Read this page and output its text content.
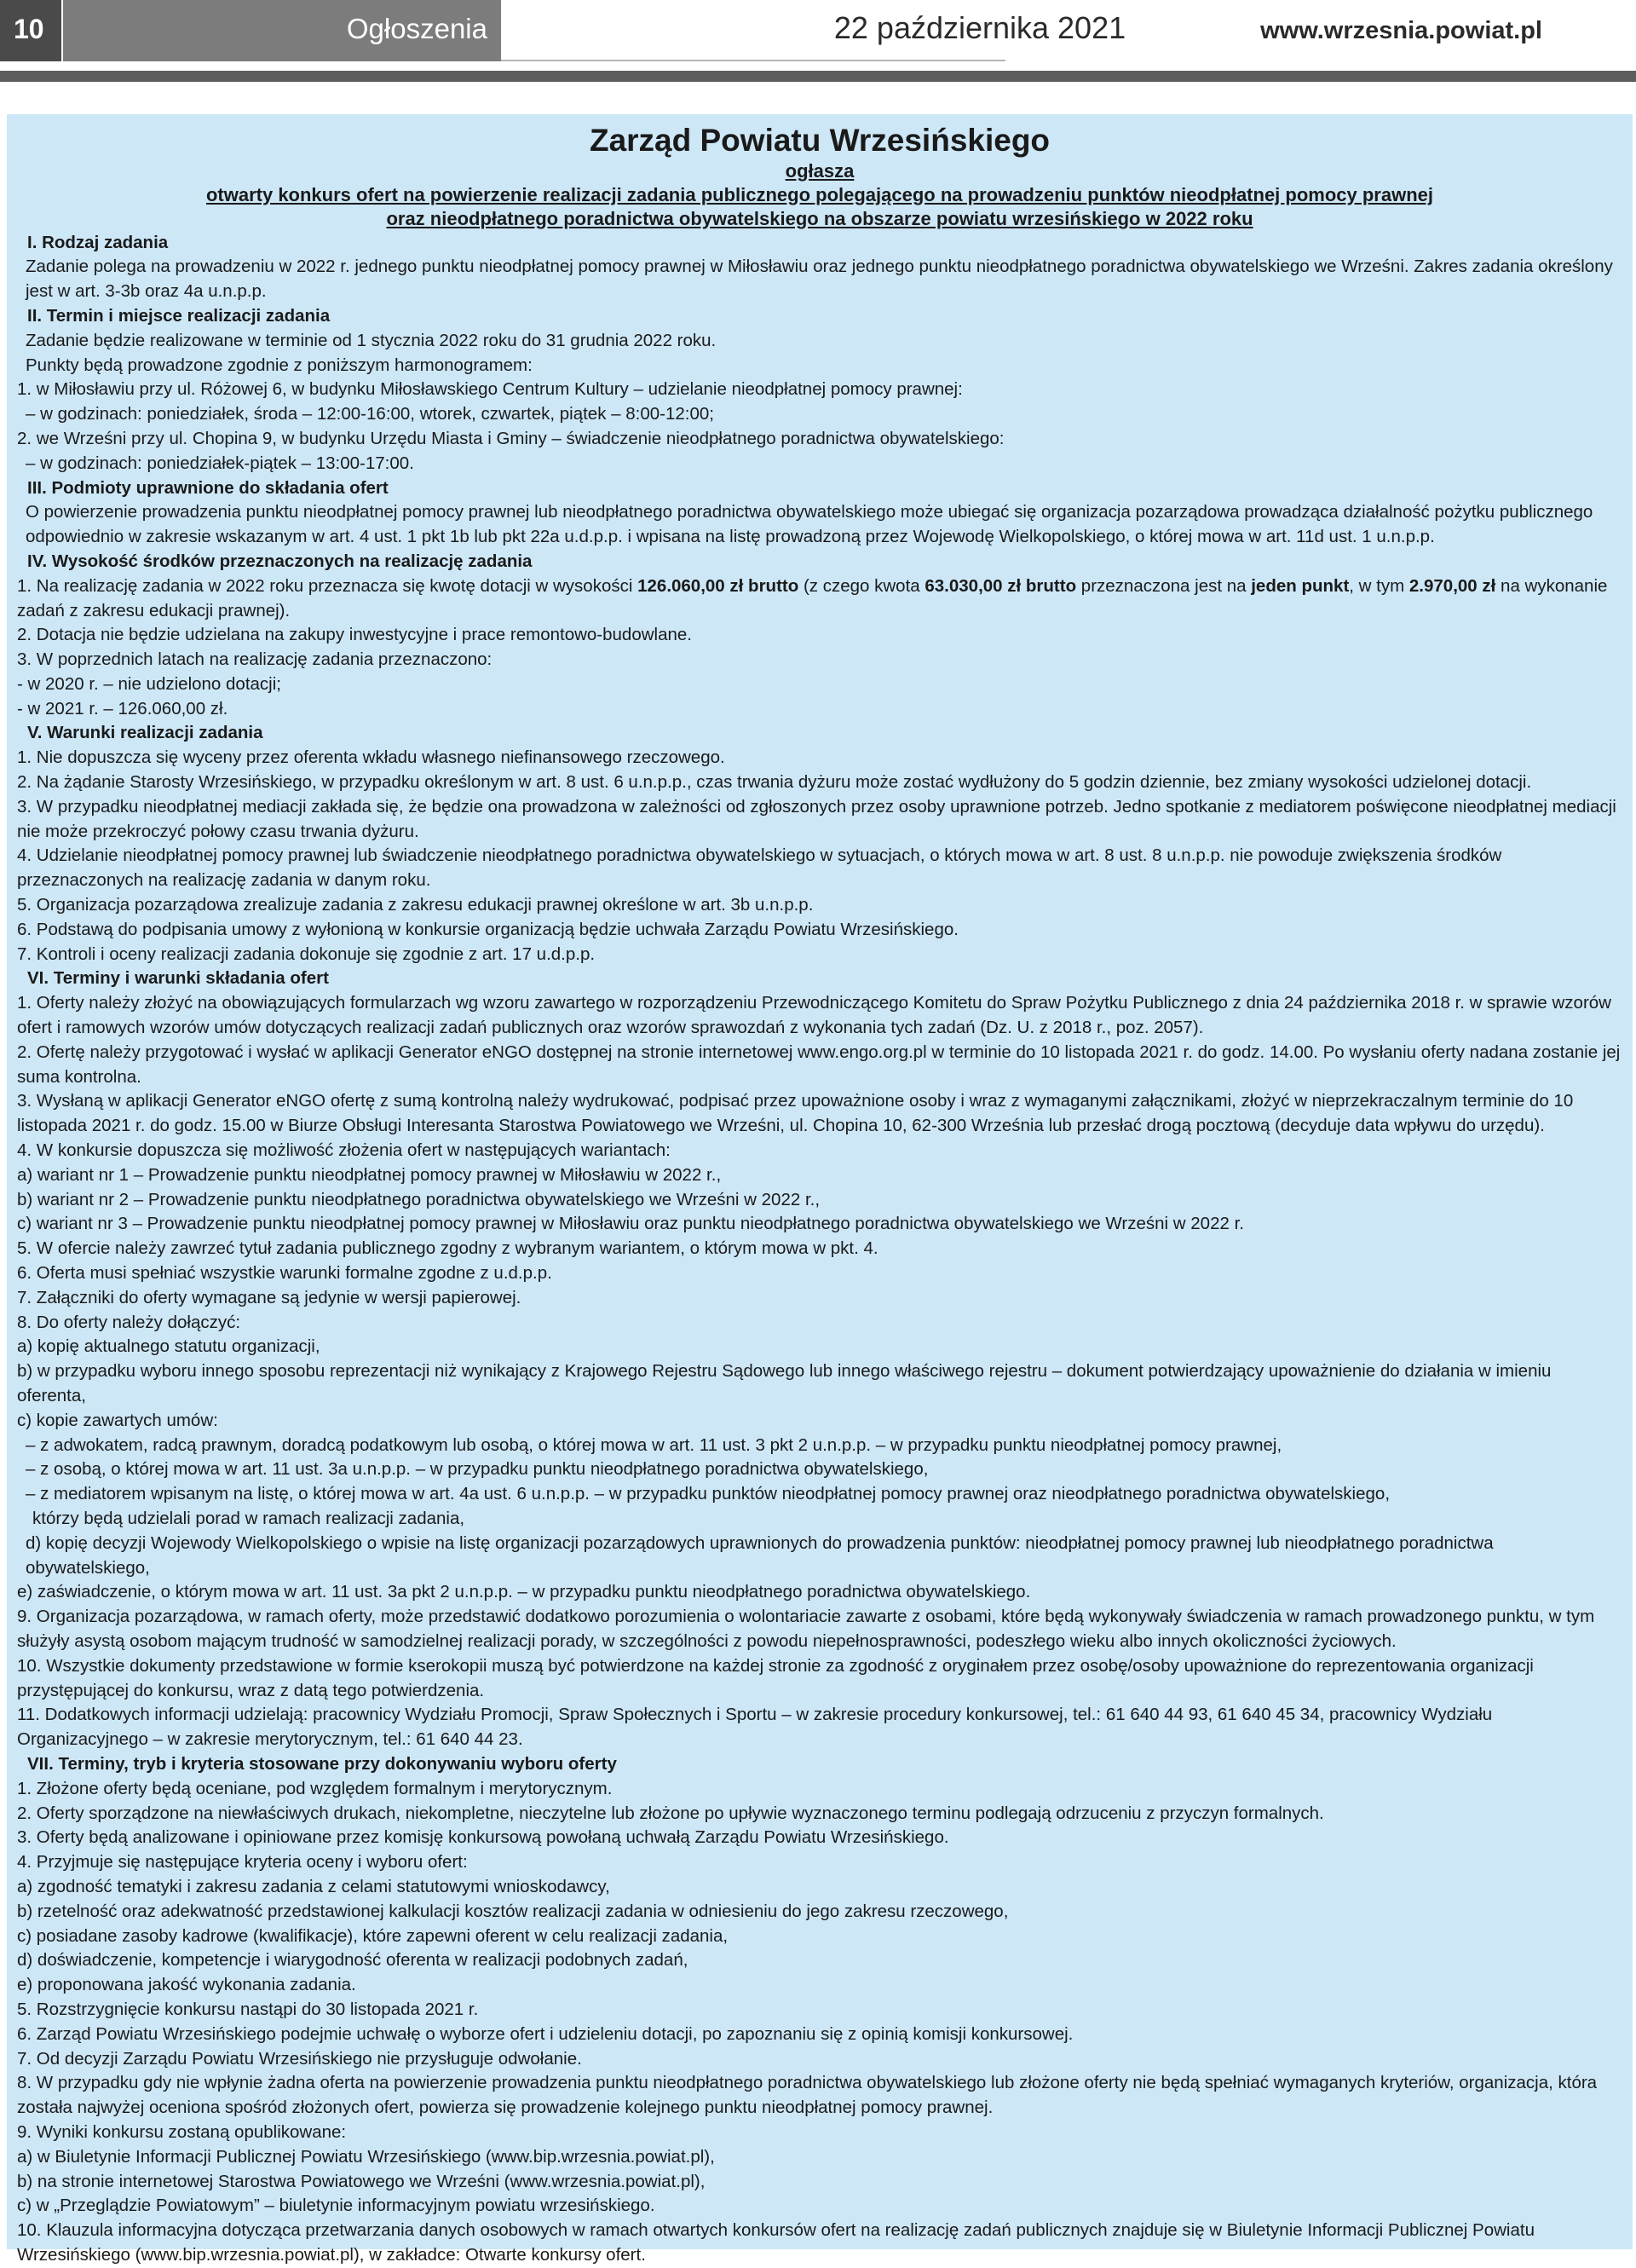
10	Ogłoszenia	22 października 2021	www.wrzesnia.powiat.pl
Zarząd Powiatu Wrzesińskiego
ogłasza
otwarty konkurs ofert na powierzenie realizacji zadania publicznego polegającego na prowadzeniu punktów nieodpłatnej pomocy prawnej
oraz nieodpłatnego poradnictwa obywatelskiego na obszarze powiatu wrzesińskiego w 2022 roku

I. Rodzaj zadania

Zadanie polega na prowadzeniu w 2022 r. jednego punktu nieodpłatnej pomocy prawnej w Miłosławiu oraz jednego punktu nieodpłatnego poradnictwa obywatelskiego we Wrześni. Zakres zadania określony jest w art. 3-3b oraz 4a u.n.p.p.

II. Termin i miejsce realizacji zadania

Zadanie będzie realizowane w terminie od 1 stycznia 2022 roku do 31 grudnia 2022 roku.

Punkty będą prowadzone zgodnie z poniższym harmonogramem:

1. w Miłosławiu przy ul. Różowej 6, w budynku Miłosławskiego Centrum Kultury – udzielanie nieodpłatnej pomocy prawnej:

– w godzinach: poniedziałek, środa – 12:00-16:00, wtorek, czwartek, piątek – 8:00-12:00;

2. we Wrześni przy ul. Chopina 9, w budynku Urzędu Miasta i Gminy – świadczenie nieodpłatnego poradnictwa obywatelskiego:

– w godzinach: poniedziałek-piątek – 13:00-17:00.

III. Podmioty uprawnione do składania ofert

O powierzenie prowadzenia punktu nieodpłatnej pomocy prawnej lub nieodpłatnego poradnictwa obywatelskiego może ubiegać się organizacja pozarządowa prowadząca działalność pożytku publicznego odpowiednio w zakresie wskazanym w art. 4 ust. 1 pkt 1b lub pkt 22a u.d.p.p. i wpisana na listę prowadzoną przez Wojewodę Wielkopolskiego, o której mowa w art. 11d ust. 1 u.n.p.p.

IV. Wysokość środków przeznaczonych na realizację zadania

1. Na realizację zadania w 2022 roku przeznacza się kwotę dotacji w wysokości 126.060,00 zł brutto (z czego kwota 63.030,00 zł brutto przeznaczona jest na jeden punkt, w tym 2.970,00 zł na wykonanie zadań z zakresu edukacji prawnej).

2. Dotacja nie będzie udzielana na zakupy inwestycyjne i prace remontowo-budowlane.

3. W poprzednich latach na realizację zadania przeznaczono:

- w 2020 r. – nie udzielono dotacji;

- w 2021 r. – 126.060,00 zł.

V. Warunki realizacji zadania

1. Nie dopuszcza się wyceny przez oferenta wkładu własnego niefinansowego rzeczowego.

2. Na żądanie Starosty Wrzesińskiego, w przypadku określonym w art. 8 ust. 6 u.n.p.p., czas trwania dyżuru może zostać wydłużony do 5 godzin dziennie, bez zmiany wysokości udzielonej dotacji.

3. W przypadku nieodpłatnej mediacji zakłada się, że będzie ona prowadzona w zależności od zgłoszonych przez osoby uprawnione potrzeb. Jedno spotkanie z mediatorem poświęcone nieodpłatnej mediacji nie może przekroczyć połowy czasu trwania dyżuru.

4. Udzielanie nieodpłatnej pomocy prawnej lub świadczenie nieodpłatnego poradnictwa obywatelskiego w sytuacjach, o których mowa w art. 8 ust. 8 u.n.p.p. nie powoduje zwiększenia środków przeznaczonych na realizację zadania w danym roku.

5. Organizacja pozarządowa zrealizuje zadania z zakresu edukacji prawnej określone w art. 3b u.n.p.p.

6. Podstawą do podpisania umowy z wyłonioną w konkursie organizacją będzie uchwała Zarządu Powiatu Wrzesińskiego.

7. Kontroli i oceny realizacji zadania dokonuje się zgodnie z art. 17 u.d.p.p.

VI. Terminy i warunki składania ofert

1. Oferty należy złożyć na obowiązujących formularzach wg wzoru zawartego w rozporządzeniu Przewodniczącego Komitetu do Spraw Pożytku Publicznego z dnia 24 października 2018 r. w sprawie wzorów ofert i ramowych wzorów umów dotyczących realizacji zadań publicznych oraz wzorów sprawozdań z wykonania tych zadań (Dz. U. z 2018 r., poz. 2057).

2. Ofertę należy przygotować i wysłać w aplikacji Generator eNGO dostępnej na stronie internetowej www.engo.org.pl w terminie do 10 listopada 2021 r. do godz. 14.00. Po wysłaniu oferty nadana zostanie jej suma kontrolna.

3. Wysłaną w aplikacji Generator eNGO ofertę z sumą kontrolną należy wydrukować, podpisać przez upoważnione osoby i wraz z wymaganymi załącznikami, złożyć w nieprzekraczalnym terminie do 10 listopada 2021 r. do godz. 15.00 w Biurze Obsługi Interesanta Starostwa Powiatowego we Wrześni, ul. Chopina 10, 62-300 Września lub przesłać drogą pocztową (decyduje data wpływu do urzędu).

4. W konkursie dopuszcza się możliwość złożenia ofert w następujących wariantach:

a) wariant nr 1 – Prowadzenie punktu nieodpłatnej pomocy prawnej w Miłosławiu w 2022 r.,

b) wariant nr 2 – Prowadzenie punktu nieodpłatnego poradnictwa obywatelskiego we Wrześni w 2022 r.,

c) wariant nr 3 – Prowadzenie punktu nieodpłatnej pomocy prawnej w Miłosławiu oraz punktu nieodpłatnego poradnictwa obywatelskiego we Wrześni w 2022 r.

5. W ofercie należy zawrzeć tytuł zadania publicznego zgodny z wybranym wariantem, o którym mowa w pkt. 4.

6. Oferta musi spełniać wszystkie warunki formalne zgodne z u.d.p.p.

7. Załączniki do oferty wymagane są jedynie w wersji papierowej.

8. Do oferty należy dołączyć:

a) kopię aktualnego statutu organizacji,

b) w przypadku wyboru innego sposobu reprezentacji niż wynikający z Krajowego Rejestru Sądowego lub innego właściwego rejestru – dokument potwierdzający upoważnienie do działania w imieniu oferenta,

c) kopie zawartych umów:

– z adwokatem, radcą prawnym, doradcą podatkowym lub osobą, o której mowa w art. 11 ust. 3 pkt 2 u.n.p.p. – w przypadku punktu nieodpłatnej pomocy prawnej,

– z osobą, o której mowa w art. 11 ust. 3a u.n.p.p. – w przypadku punktu nieodpłatnego poradnictwa obywatelskiego,

– z mediatorem wpisanym na listę, o której mowa w art. 4a ust. 6 u.n.p.p. – w przypadku punktów nieodpłatnej pomocy prawnej oraz nieodpłatnego poradnictwa obywatelskiego,

którzy będą udzielali porad w ramach realizacji zadania,

d) kopię decyzji Wojewody Wielkopolskiego o wpisie na listę organizacji pozarządowych uprawnionych do prowadzenia punktów: nieodpłatnej pomocy prawnej lub nieodpłatnego poradnictwa obywatelskiego,

e) zaświadczenie, o którym mowa w art. 11 ust. 3a pkt 2 u.n.p.p. – w przypadku punktu nieodpłatnego poradnictwa obywatelskiego.

9. Organizacja pozarządowa, w ramach oferty, może przedstawić dodatkowo porozumienia o wolontariacie zawarte z osobami, które będą wykonywały świadczenia w ramach prowadzonego punktu, w tym służyły asystą osobom mającym trudność w samodzielnej realizacji porady, w szczególności z powodu niepełnosprawności, podeszłego wieku albo innych okoliczności życiowych.

10. Wszystkie dokumenty przedstawione w formie kserokopii muszą być potwierdzone na każdej stronie za zgodność z oryginałem przez osobę/osoby upoważnione do reprezentowania organizacji przystępującej do konkursu, wraz z datą tego potwierdzenia.

11. Dodatkowych informacji udzielają: pracownicy Wydziału Promocji, Spraw Społecznych i Sportu – w zakresie procedury konkursowej, tel.: 61 640 44 93, 61 640 45 34, pracownicy Wydziału Organizacyjnego – w zakresie merytorycznym, tel.: 61 640 44 23.

VII. Terminy, tryb i kryteria stosowane przy dokonywaniu wyboru oferty

1. Złożone oferty będą oceniane, pod względem formalnym i merytorycznym.

2. Oferty sporządzone na niewłaściwych drukach, niekompletne, nieczytelne lub złożone po upływie wyznaczonego terminu podlegają odrzuceniu z przyczyn formalnych.

3. Oferty będą analizowane i opiniowane przez komisję konkursową powołaną uchwałą Zarządu Powiatu Wrzesińskiego.

4. Przyjmuje się następujące kryteria oceny i wyboru ofert:

a) zgodność tematyki i zakresu zadania z celami statutowymi wnioskodawcy,

b) rzetelność oraz adekwatność przedstawionej kalkulacji kosztów realizacji zadania w odniesieniu do jego zakresu rzeczowego,

c) posiadane zasoby kadrowe (kwalifikacje), które zapewni oferent w celu realizacji zadania,

d) doświadczenie, kompetencje i wiarygodność oferenta w realizacji podobnych zadań,

e) proponowana jakość wykonania zadania.

5. Rozstrzygnięcie konkursu nastąpi do 30 listopada 2021 r.

6. Zarząd Powiatu Wrzesińskiego podejmie uchwałę o wyborze ofert i udzieleniu dotacji, po zapoznaniu się z opinią komisji konkursowej.

7. Od decyzji Zarządu Powiatu Wrzesińskiego nie przysługuje odwołanie.

8. W przypadku gdy nie wpłynie żadna oferta na powierzenie prowadzenia punktu nieodpłatnego poradnictwa obywatelskiego lub złożone oferty nie będą spełniać wymaganych kryteriów, organizacja, która została najwyżej oceniona spośród złożonych ofert, powierza się prowadzenie kolejnego punktu nieodpłatnej pomocy prawnej.

9. Wyniki konkursu zostaną opublikowane:

a) w Biuletynie Informacji Publicznej Powiatu Wrzesińskiego (www.bip.wrzesnia.powiat.pl),

b) na stronie internetowej Starostwa Powiatowego we Wrześni (www.wrzesnia.powiat.pl),

c) w „Przeglądzie Powiatowym” – biuletynie informacyjnym powiatu wrzesińskiego.

10. Klauzula informacyjna dotycząca przetwarzania danych osobowych w ramach otwartych konkursów ofert na realizację zadań publicznych znajduje się w Biuletynie Informacji Publicznej Powiatu Wrzesińskiego (www.bip.wrzesnia.powiat.pl), w zakładce: Otwarte konkursy ofert.
